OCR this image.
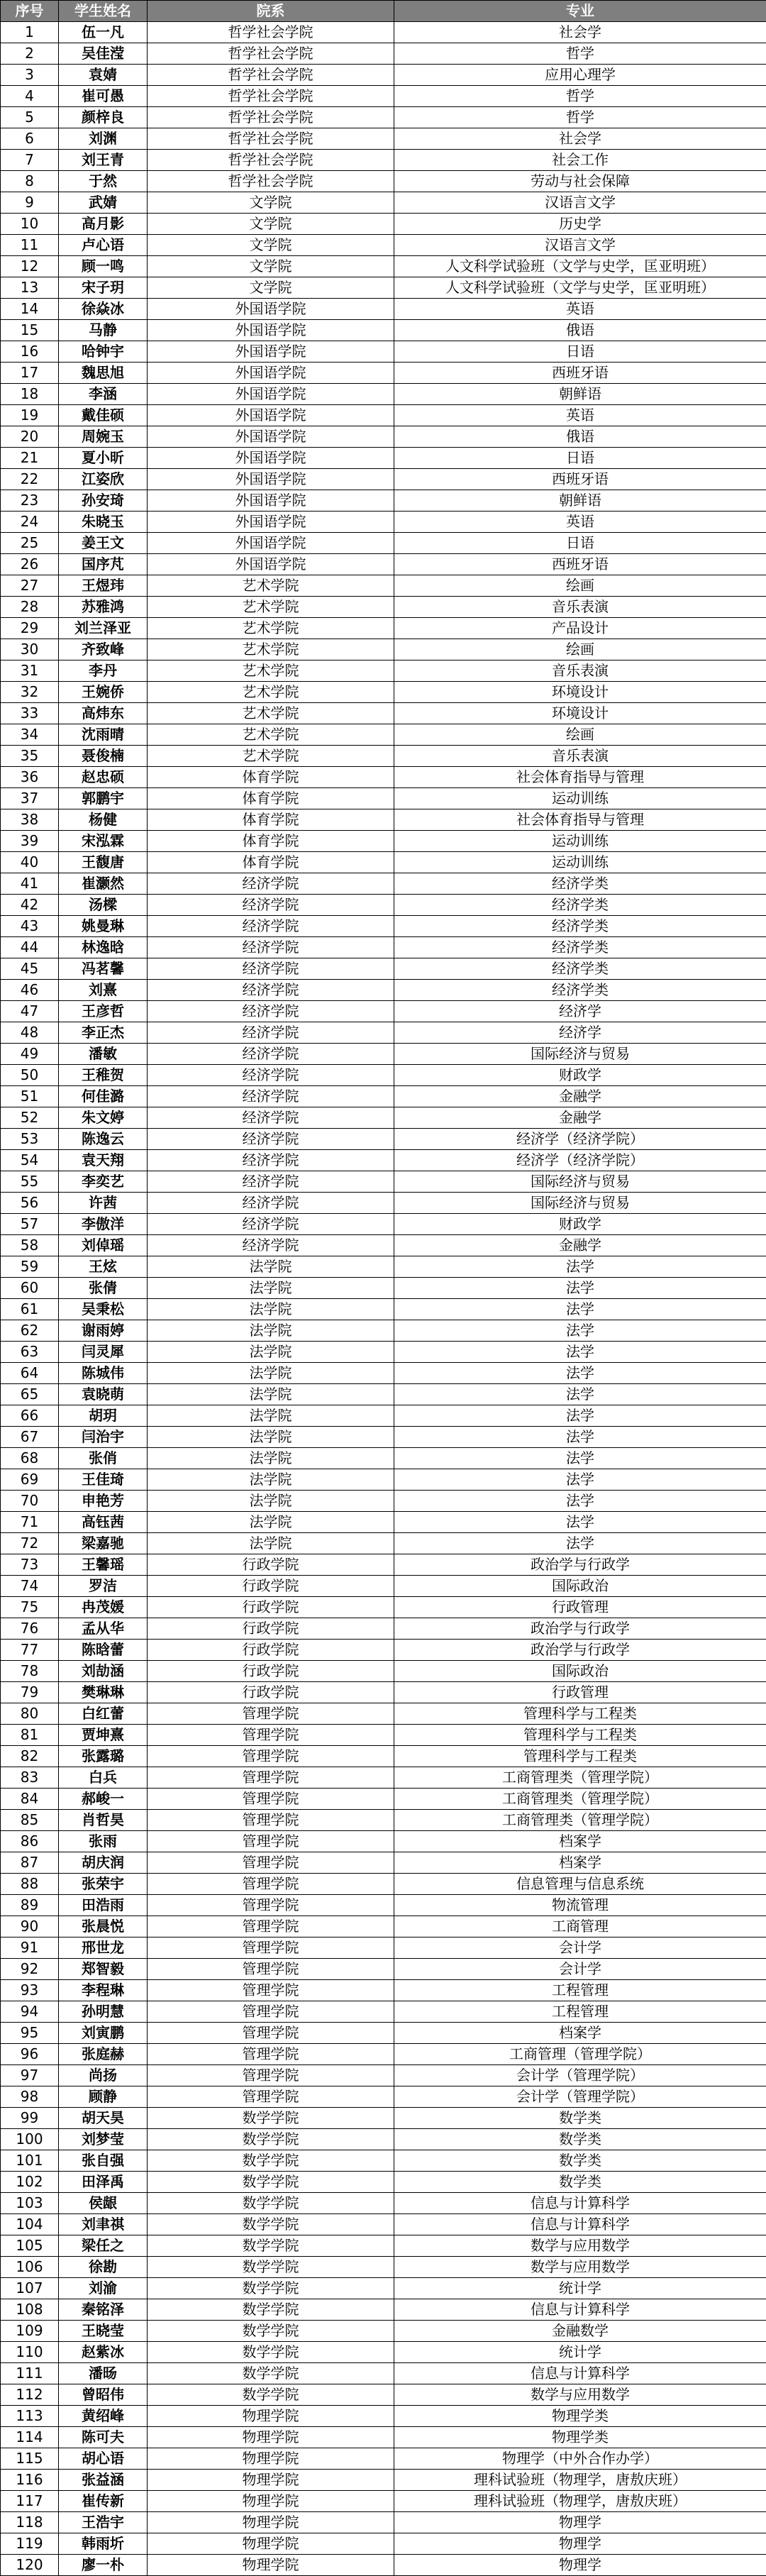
序号	学生姓名	院系	专业
1	伍一凡	哲学社会学院	社会学
2	吴佳滢	哲学社会学院	哲学
3	袁婧	哲学社会学院	应用心理学
4	崔可愚	哲学社会学院	哲学
5	颜梓良	哲学社会学院	哲学
6	刘渊	哲学社会学院	社会学
7	刘王青	哲学社会学院	社会工作
8	于然	哲学社会学院	劳动与社会保障
9	武婧	文学院	汉语言文学
10	高月影	文学院	历史学
11	卢心语	文学院	汉语言文学
12	顾一鸣	文学院	人文科学试验班（文学与史学，匡亚明班）
13	宋子玥	文学院	人文科学试验班（文学与史学，匡亚明班）
14	徐焱冰	外国语学院	英语
15	马静	外国语学院	俄语
16	哈钟宇	外国语学院	日语
17	魏思旭	外国语学院	西班牙语
18	李涵	外国语学院	朝鲜语
19	戴佳硕	外国语学院	英语
20	周婉玉	外国语学院	俄语
21	夏小昕	外国语学院	日语
22	江姿欣	外国语学院	西班牙语
23	孙安琦	外国语学院	朝鲜语
24	朱晓玉	外国语学院	英语
25	姜王文	外国语学院	日语
26	国序芃	外国语学院	西班牙语
27	王煜玮	艺术学院	绘画
28	苏雅鸿	艺术学院	音乐表演
29	刘兰泽亚	艺术学院	产品设计
30	齐致峰	艺术学院	绘画
31	李丹	艺术学院	音乐表演
32	王婉侨	艺术学院	环境设计
33	高炜东	艺术学院	环境设计
34	沈雨晴	艺术学院	绘画
35	聂俊楠	艺术学院	音乐表演
36	赵忠硕	体育学院	社会体育指导与管理
37	郭鹏宇	体育学院	运动训练
38	杨健	体育学院	社会体育指导与管理
39	宋泓霖	体育学院	运动训练
40	王馥唐	体育学院	运动训练
41	崔灏然	经济学院	经济学类
42	汤樑	经济学院	经济学类
43	姚曼琳	经济学院	经济学类
44	林逸晗	经济学院	经济学类
45	冯茗馨	经济学院	经济学类
46	刘熹	经济学院	经济学类
47	王彦哲	经济学院	经济学
48	李正杰	经济学院	经济学
49	潘敏	经济学院	国际经济与贸易
50	王稚贺	经济学院	财政学
51	何佳潞	经济学院	金融学
52	朱文婷	经济学院	金融学
53	陈逸云	经济学院	经济学（经济学院）
54	袁天翔	经济学院	经济学（经济学院）
55	李奕艺	经济学院	国际经济与贸易
56	许茜	经济学院	国际经济与贸易
57	李傲洋	经济学院	财政学
58	刘倬瑶	经济学院	金融学
59	王炫	法学院	法学
60	张倩	法学院	法学
61	吴秉松	法学院	法学
62	谢雨婷	法学院	法学
63	闫灵犀	法学院	法学
64	陈城伟	法学院	法学
65	袁晓萌	法学院	法学
66	胡玥	法学院	法学
67	闫治宇	法学院	法学
68	张俏	法学院	法学
69	王佳琦	法学院	法学
70	申艳芳	法学院	法学
71	高钰茜	法学院	法学
72	梁嘉驰	法学院	法学
73	王馨瑶	行政学院	政治学与行政学
74	罗洁	行政学院	国际政治
75	冉茂媛	行政学院	行政管理
76	孟从华	行政学院	政治学与行政学
77	陈晗蕾	行政学院	政治学与行政学
78	刘劼涵	行政学院	国际政治
79	樊琳琳	行政学院	行政管理
80	白红蕾	管理学院	管理科学与工程类
81	贾坤熹	管理学院	管理科学与工程类
82	张露璐	管理学院	管理科学与工程类
83	白兵	管理学院	工商管理类（管理学院）
84	郝峻一	管理学院	工商管理类（管理学院）
85	肖哲昊	管理学院	工商管理类（管理学院）
86	张雨	管理学院	档案学
87	胡庆润	管理学院	档案学
88	张荣宇	管理学院	信息管理与信息系统
89	田浩雨	管理学院	物流管理
90	张晨悦	管理学院	工商管理
91	邢世龙	管理学院	会计学
92	郑智毅	管理学院	会计学
93	李程琳	管理学院	工程管理
94	孙明慧	管理学院	工程管理
95	刘寅鹏	管理学院	档案学
96	张庭赫	管理学院	工商管理（管理学院）
97	尚扬	管理学院	会计学（管理学院）
98	顾静	管理学院	会计学（管理学院）
99	胡天昊	数学学院	数学类
100	刘梦莹	数学学院	数学类
101	张自强	数学学院	数学类
102	田泽禹	数学学院	数学类
103	侯龈	数学学院	信息与计算科学
104	刘聿祺	数学学院	信息与计算科学
105	梁任之	数学学院	数学与应用数学
106	徐勘	数学学院	数学与应用数学
107	刘渝	数学学院	统计学
108	秦铭泽	数学学院	信息与计算科学
109	王晓莹	数学学院	金融数学
110	赵紫冰	数学学院	统计学
111	潘旸	数学学院	信息与计算科学
112	曾昭伟	数学学院	数学与应用数学
113	黄绍峰	物理学院	物理学类
114	陈可夫	物理学院	物理学类
115	胡心语	物理学院	物理学（中外合作办学）
116	张益涵	物理学院	理科试验班（物理学，唐敖庆班）
117	崔传新	物理学院	理科试验班（物理学，唐敖庆班）
118	王浩宇	物理学院	物理学
119	韩雨圻	物理学院	物理学
120	廖一朴	物理学院	物理学
